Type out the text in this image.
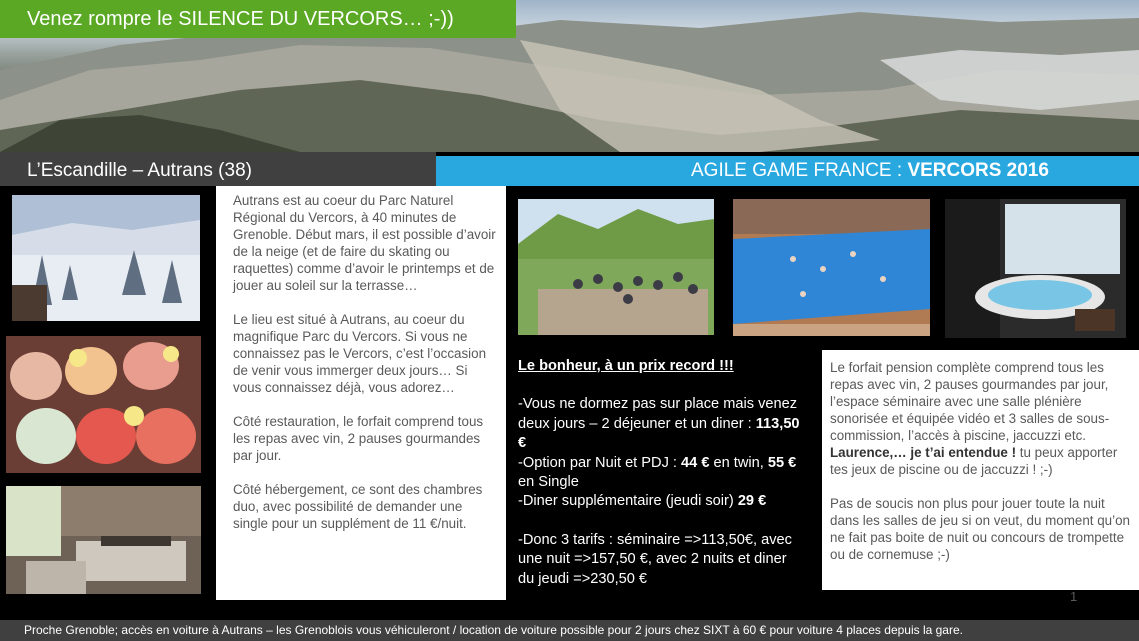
Venez rompre le SILENCE DU VERCORS… ;-))
L’Escandille – Autrans (38)	AGILE GAME FRANCE : VERCORS 2016

Autrans est au coeur du Parc Naturel Régional du Vercors, à 40 minutes de Grenoble. Début mars, il est possible d’avoir de la neige (et de faire du skating ou raquettes) comme d’avoir le printemps et de jouer au soleil sur la terrasse…

Le lieu est situé à Autrans, au coeur du magnifique Parc du Vercors. Si vous ne connaissez pas le Vercors, c’est l’occasion de venir vous immerger deux jours… Si vous connaissez déjà, vous adorez…

Côté restauration, le forfait comprend tous les repas avec vin, 2 pauses gourmandes par jour.

Côté hébergement, ce sont des chambres duo, avec possibilité de demander une single pour un supplément de 11 €/nuit.

Le bonheur, à un prix record !!!

-Vous ne dormez pas sur place mais venez deux jours – 2 déjeuner et un diner : 113,50 €
-Option par Nuit et PDJ : 44 € en twin, 55 € en Single
-Diner supplémentaire (jeudi soir) 29 €
-Donc 3 tarifs : séminaire =>113,50€, avec une nuit =>157,50 €, avec 2 nuits et diner du jeudi =>230,50 €

Le forfait pension complète comprend tous les repas avec vin, 2 pauses gourmandes par jour, l’espace séminaire avec une salle plénière sonorisée et équipée vidéo et 3 salles de sous-commission, l’accès à piscine, jaccuzzi etc. Laurence,… je t’ai entendue ! tu peux apporter tes jeux de piscine ou de jaccuzzi ! ;-)

Pas de soucis non plus pour jouer toute la nuit dans les salles de jeu si on veut, du moment qu’on ne fait pas boite de nuit ou concours de trompette ou de cornemuse ;-)

1
Proche Grenoble; accès en voiture à Autrans – les Grenoblois vous véhiculeront / location de voiture possible pour 2 jours chez SIXT à 60 € pour voiture 4 places depuis la gare.
